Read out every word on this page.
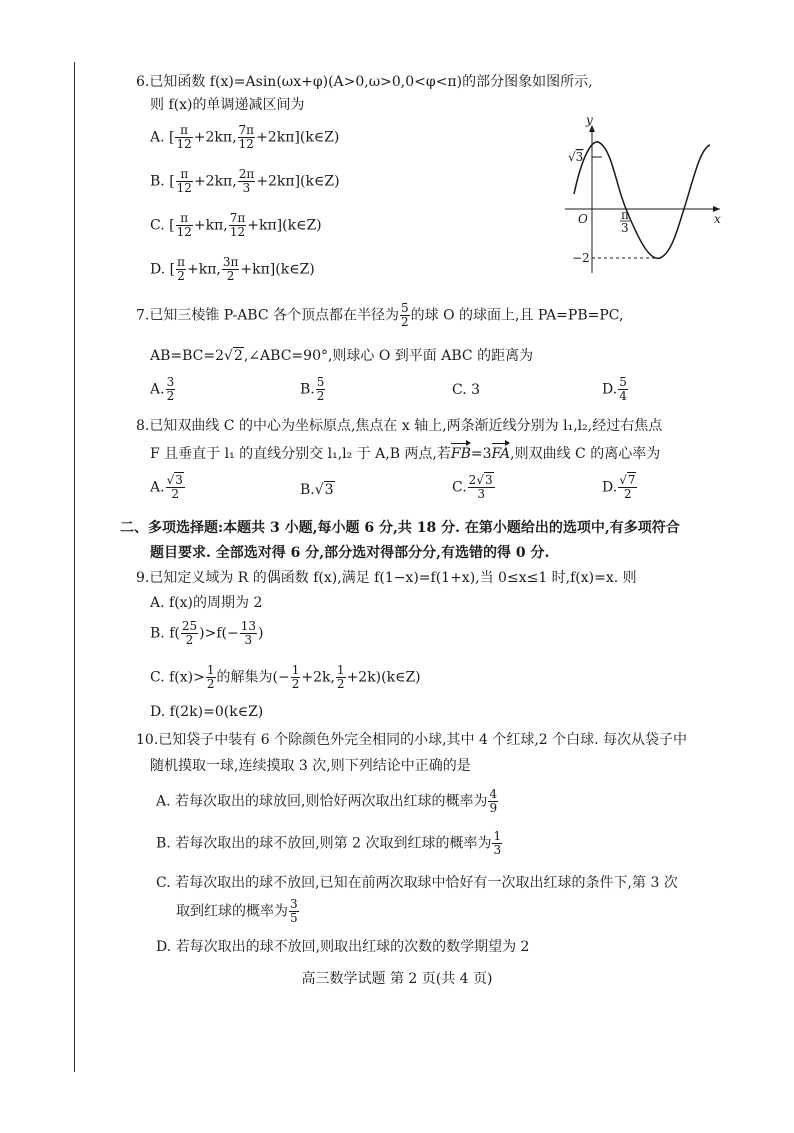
6.已知函数 f(x)=Asin(ωx+φ)(A>0,ω>0,0<φ<π)的部分图象如图所示,
则 f(x)的单调递减区间为
A. [ $\frac{\pi}{12} +2k\pi$, $\frac{7\pi}{12}$ +2kπ](k∈Z)
B. [ $\frac{\pi}{12} +2k\pi$, $\frac{2\pi}{3}$ +2kπ](k∈Z)
C. [ $\frac{\pi}{12} +k\pi$, $\frac{7\pi}{12}$ +kπ](k∈Z)
D. [ $\frac{\pi}{2} +k\pi$, $\frac{3\pi}{2}$ +kπ](k∈Z)
y
x
O
√3
−2
π
3
7.已知三棱锥 P-ABC 各个顶点都在半径为 $\frac{5}{2}$ 的球 O 的球面上,且 PA=PB=PC,
AB=BC=2√2,∠ABC=90°,则球心 O 到平面 ABC 的距离为
A. $\frac{3}{2}$	B. $\frac{5}{2}$	C. 3	D. $\frac{5}{4}$
8.已知双曲线 C 的中心为坐标原点,焦点在 x 轴上,两条渐近线分别为 l₁,l₂,经过右焦点
F 且垂直于 l₁ 的直线分别交 l₁,l₂ 于 A,B 两点,若FB=3FA,则双曲线 C 的离心率为
A. $\frac{√3}{2}$	B.√3	C. $\frac{2√3}{3}$	D. $\frac{√7}{2}$
二、多项选择题:本题共 3 小题,每小题 6 分,共 18 分. 在第小题给出的选项中,有多项符合
题目要求. 全部选对得 6 分,部分选对得部分分,有选错的得 0 分.
9.已知定义域为 R 的偶函数 f(x),满足 f(1−x)=f(1+x),当 0≤x≤1 时,f(x)=x. 则
A. f(x)的周期为 2
B. $f( \frac{25}{2} )>f(- \frac{13}{3}$ )
C. $f(x)> \frac{1}{2}$ 的解集为(− $\frac{1}{2} +2k$, $\frac{1}{2}$ +2k)(k∈Z)
D. f(2k)=0(k∈Z)
10.已知袋子中装有 6 个除颜色外完全相同的小球,其中 4 个红球,2 个白球. 每次从袋子中
随机摸取一球,连续摸取 3 次,则下列结论中正确的是
A. 若每次取出的球放回,则恰好两次取出红球的概率为 $\frac{4}{9}$
B. 若每次取出的球不放回,则第 2 次取到红球的概率为 $\frac{1}{3}$
C. 若每次取出的球不放回,已知在前两次取球中恰好有一次取出红球的条件下,第 3 次
取到红球的概率为 $\frac{3}{5}$
D. 若每次取出的球不放回,则取出红球的次数的数学期望为 2
高三数学试题 第 2 页(共 4 页)
